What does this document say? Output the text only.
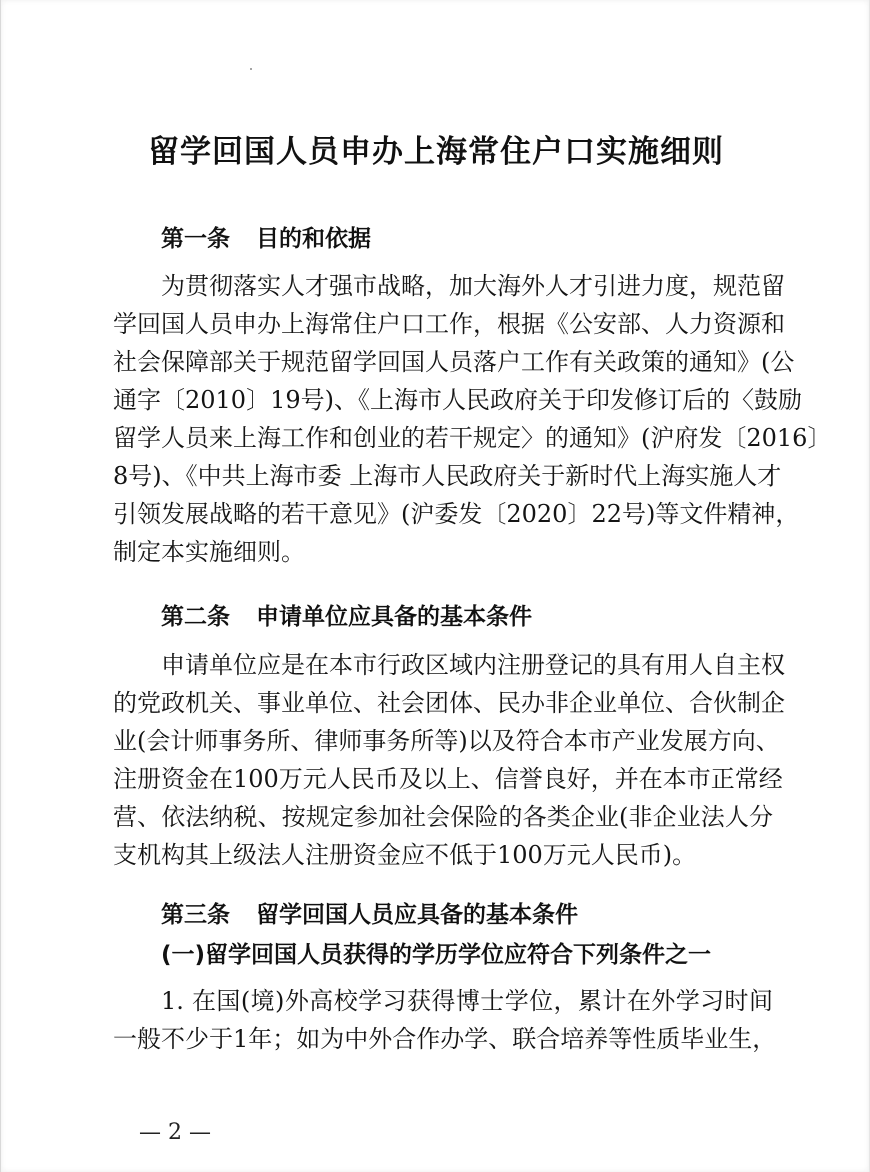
留学回国人员申办上海常住户口实施细则
第一条 目的和依据
为贯彻落实人才强市战略，加大海外人才引进力度，规范留
学回国人员申办上海常住户口工作，根据《公安部、人力资源和
社会保障部关于规范留学回国人员落户工作有关政策的通知》(公
通字〔2010〕19号)、《上海市人民政府关于印发修订后的〈鼓励
留学人员来上海工作和创业的若干规定〉的通知》(沪府发〔2016〕
8号)、《中共上海市委 上海市人民政府关于新时代上海实施人才
引领发展战略的若干意见》(沪委发〔2020〕22号)等文件精神，
制定本实施细则。
第二条 申请单位应具备的基本条件
申请单位应是在本市行政区域内注册登记的具有用人自主权
的党政机关、事业单位、社会团体、民办非企业单位、合伙制企
业(会计师事务所、律师事务所等)以及符合本市产业发展方向、
注册资金在100万元人民币及以上、信誉良好，并在本市正常经
营、依法纳税、按规定参加社会保险的各类企业(非企业法人分
支机构其上级法人注册资金应不低于100万元人民币)。
第三条 留学回国人员应具备的基本条件
(一)留学回国人员获得的学历学位应符合下列条件之一
1. 在国(境)外高校学习获得博士学位，累计在外学习时间
一般不少于1年；如为中外合作办学、联合培养等性质毕业生，
— 2 —
